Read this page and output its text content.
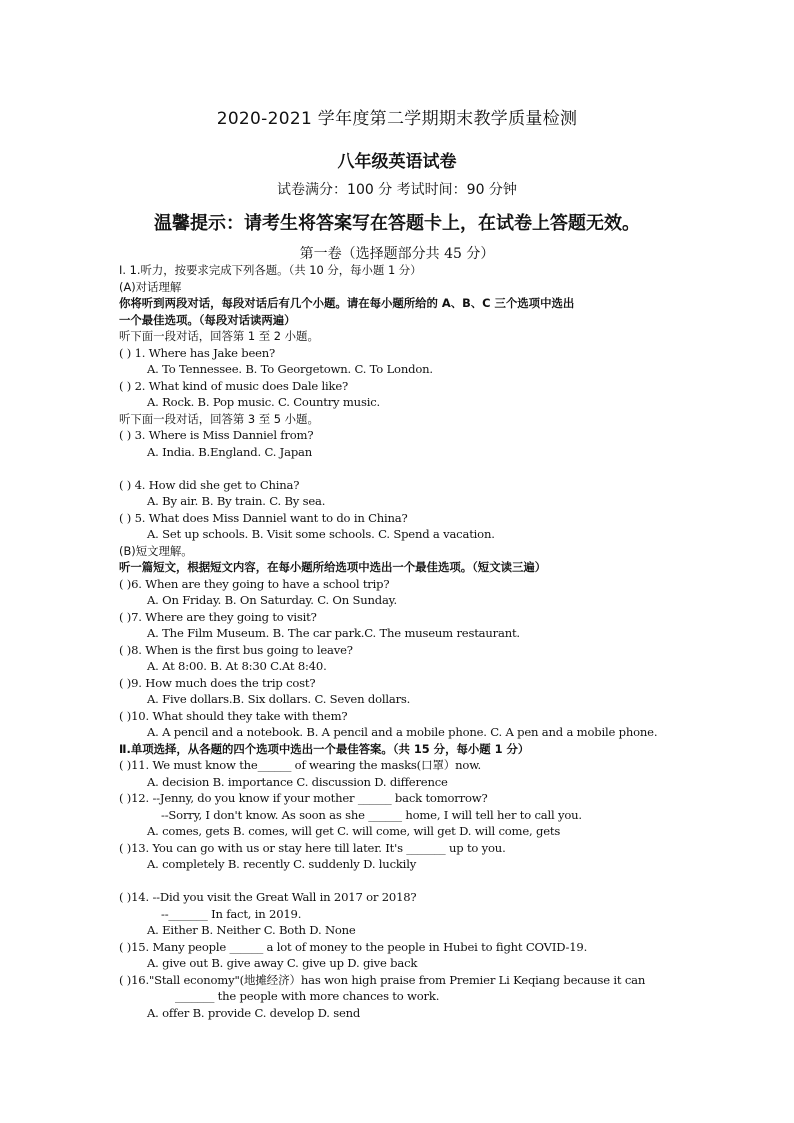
2020-2021 学年度第二学期期末教学质量检测
八年级英语试卷
试卷满分：100 分 考试时间：90 分钟
温馨提示：请考生将答案写在答题卡上，在试卷上答题无效。
第一卷（选择题部分共 45 分）
I. 1.听力，按要求完成下列各题。（共 10 分，每小题 1 分）
(A)对话理解
你将听到两段对话，每段对话后有几个小题。请在每小题所给的 A、B、C 三个选项中选出
一个最佳选项。（每段对话读两遍）
听下面一段对话，回答第 1 至 2 小题。
( ) 1. Where has Jake been?
A. To Tennessee. B. To Georgetown. C. To London.
( ) 2. What kind of music does Dale like?
A. Rock. B. Pop music. C. Country music.
听下面一段对话，回答第 3 至 5 小题。
( ) 3. Where is Miss Danniel from?
A. India. B.England. C. Japan
( ) 4. How did she get to China?
A. By air. B. By train. C. By sea.
( ) 5. What does Miss Danniel want to do in China?
A. Set up schools. B. Visit some schools. C. Spend a vacation.
(B)短文理解。
听一篇短文，根据短文内容，在每小题所给选项中选出一个最佳选项。（短文读三遍）
( )6. When are they going to have a school trip?
A. On Friday. B. On Saturday. C. On Sunday.
( )7. Where are they going to visit?
A. The Film Museum. B. The car park.C. The museum restaurant.
( )8. When is the first bus going to leave?
A. At 8:00. B. At 8:30 C.At 8:40.
( )9. How much does the trip cost?
A. Five dollars.B. Six dollars. C. Seven dollars.
( )10. What should they take with them?
A. A pencil and a notebook. B. A pencil and a mobile phone. C. A pen and a mobile phone.
Ⅱ.单项选择，从各题的四个选项中选出一个最佳答案。（共 15 分，每小题 1 分）
( )11. We must know the______ of wearing the masks(口罩）now.
A. decision B. importance C. discussion D. difference
( )12. --Jenny, do you know if your mother ______ back tomorrow?
--Sorry, I don't know. As soon as she ______ home, I will tell her to call you.
A. comes, gets B. comes, will get C. will come, will get D. will come, gets
( )13. You can go with us or stay here till later. It's _______ up to you.
A. completely B. recently C. suddenly D. luckily
( )14. --Did you visit the Great Wall in 2017 or 2018?
--_______ In fact, in 2019.
A. Either B. Neither C. Both D. None
( )15. Many people ______ a lot of money to the people in Hubei to fight COVID-19.
A. give out B. give away C. give up D. give back
( )16."Stall economy"(地摊经济）has won high praise from Premier Li Keqiang because it can
_______ the people with more chances to work.
A. offer B. provide C. develop D. send
